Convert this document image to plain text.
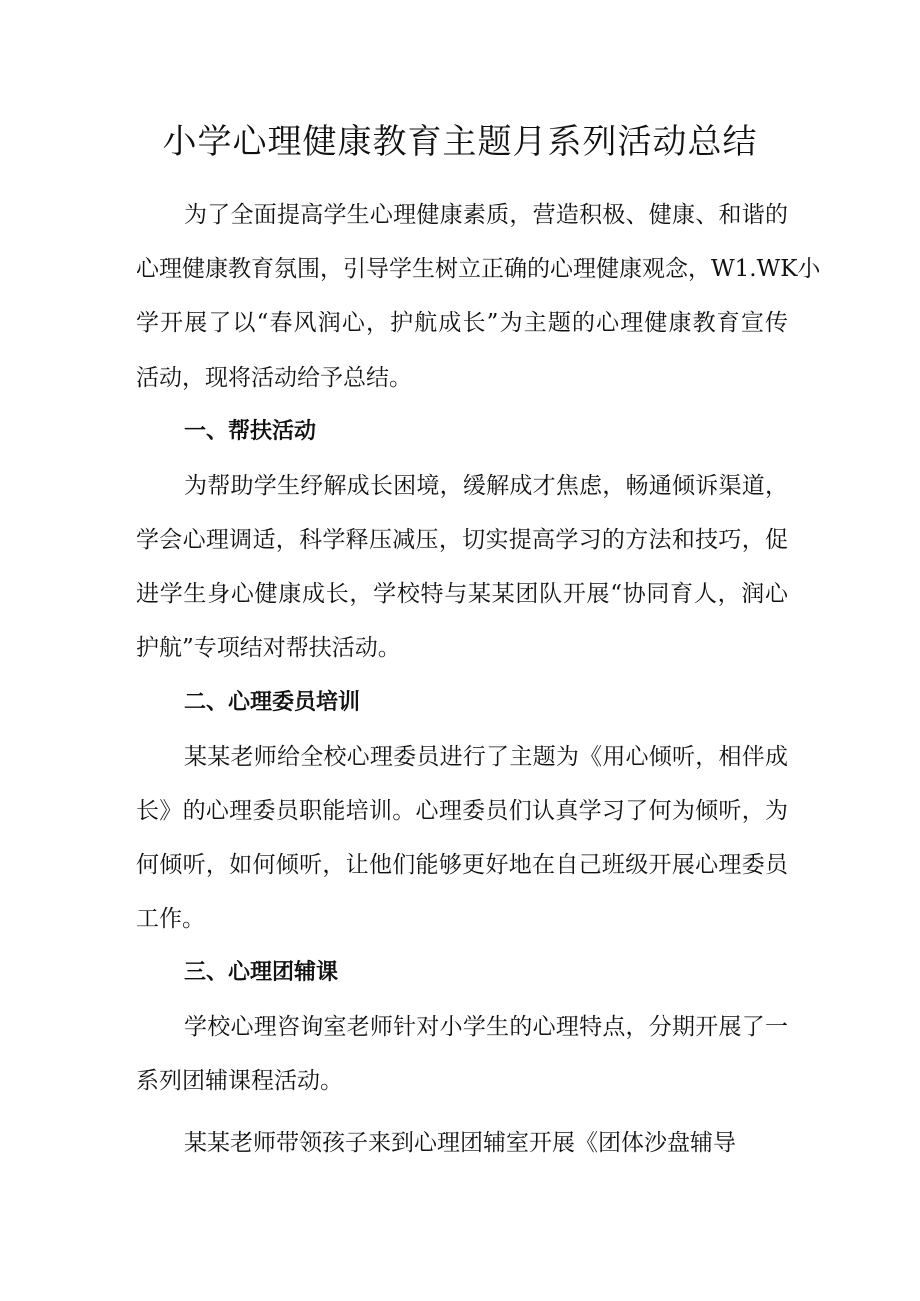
小学心理健康教育主题月系列活动总结
为了全面提高学生心理健康素质，营造积极、健康、和谐的
心理健康教育氛围，引导学生树立正确的心理健康观念，W1.WK小
学开展了以“春风润心，护航成长”为主题的心理健康教育宣传
活动，现将活动给予总结。
一、帮扶活动
为帮助学生纾解成长困境，缓解成才焦虑，畅通倾诉渠道，
学会心理调适，科学释压减压，切实提高学习的方法和技巧，促
进学生身心健康成长，学校特与某某团队开展“协同育人，润心
护航”专项结对帮扶活动。
二、心理委员培训
某某老师给全校心理委员进行了主题为《用心倾听，相伴成
长》的心理委员职能培训。心理委员们认真学习了何为倾听，为
何倾听，如何倾听，让他们能够更好地在自己班级开展心理委员
工作。
三、心理团辅课
学校心理咨询室老师针对小学生的心理特点，分期开展了一
系列团辅课程活动。
某某老师带领孩子来到心理团辅室开展《团体沙盘辅导
